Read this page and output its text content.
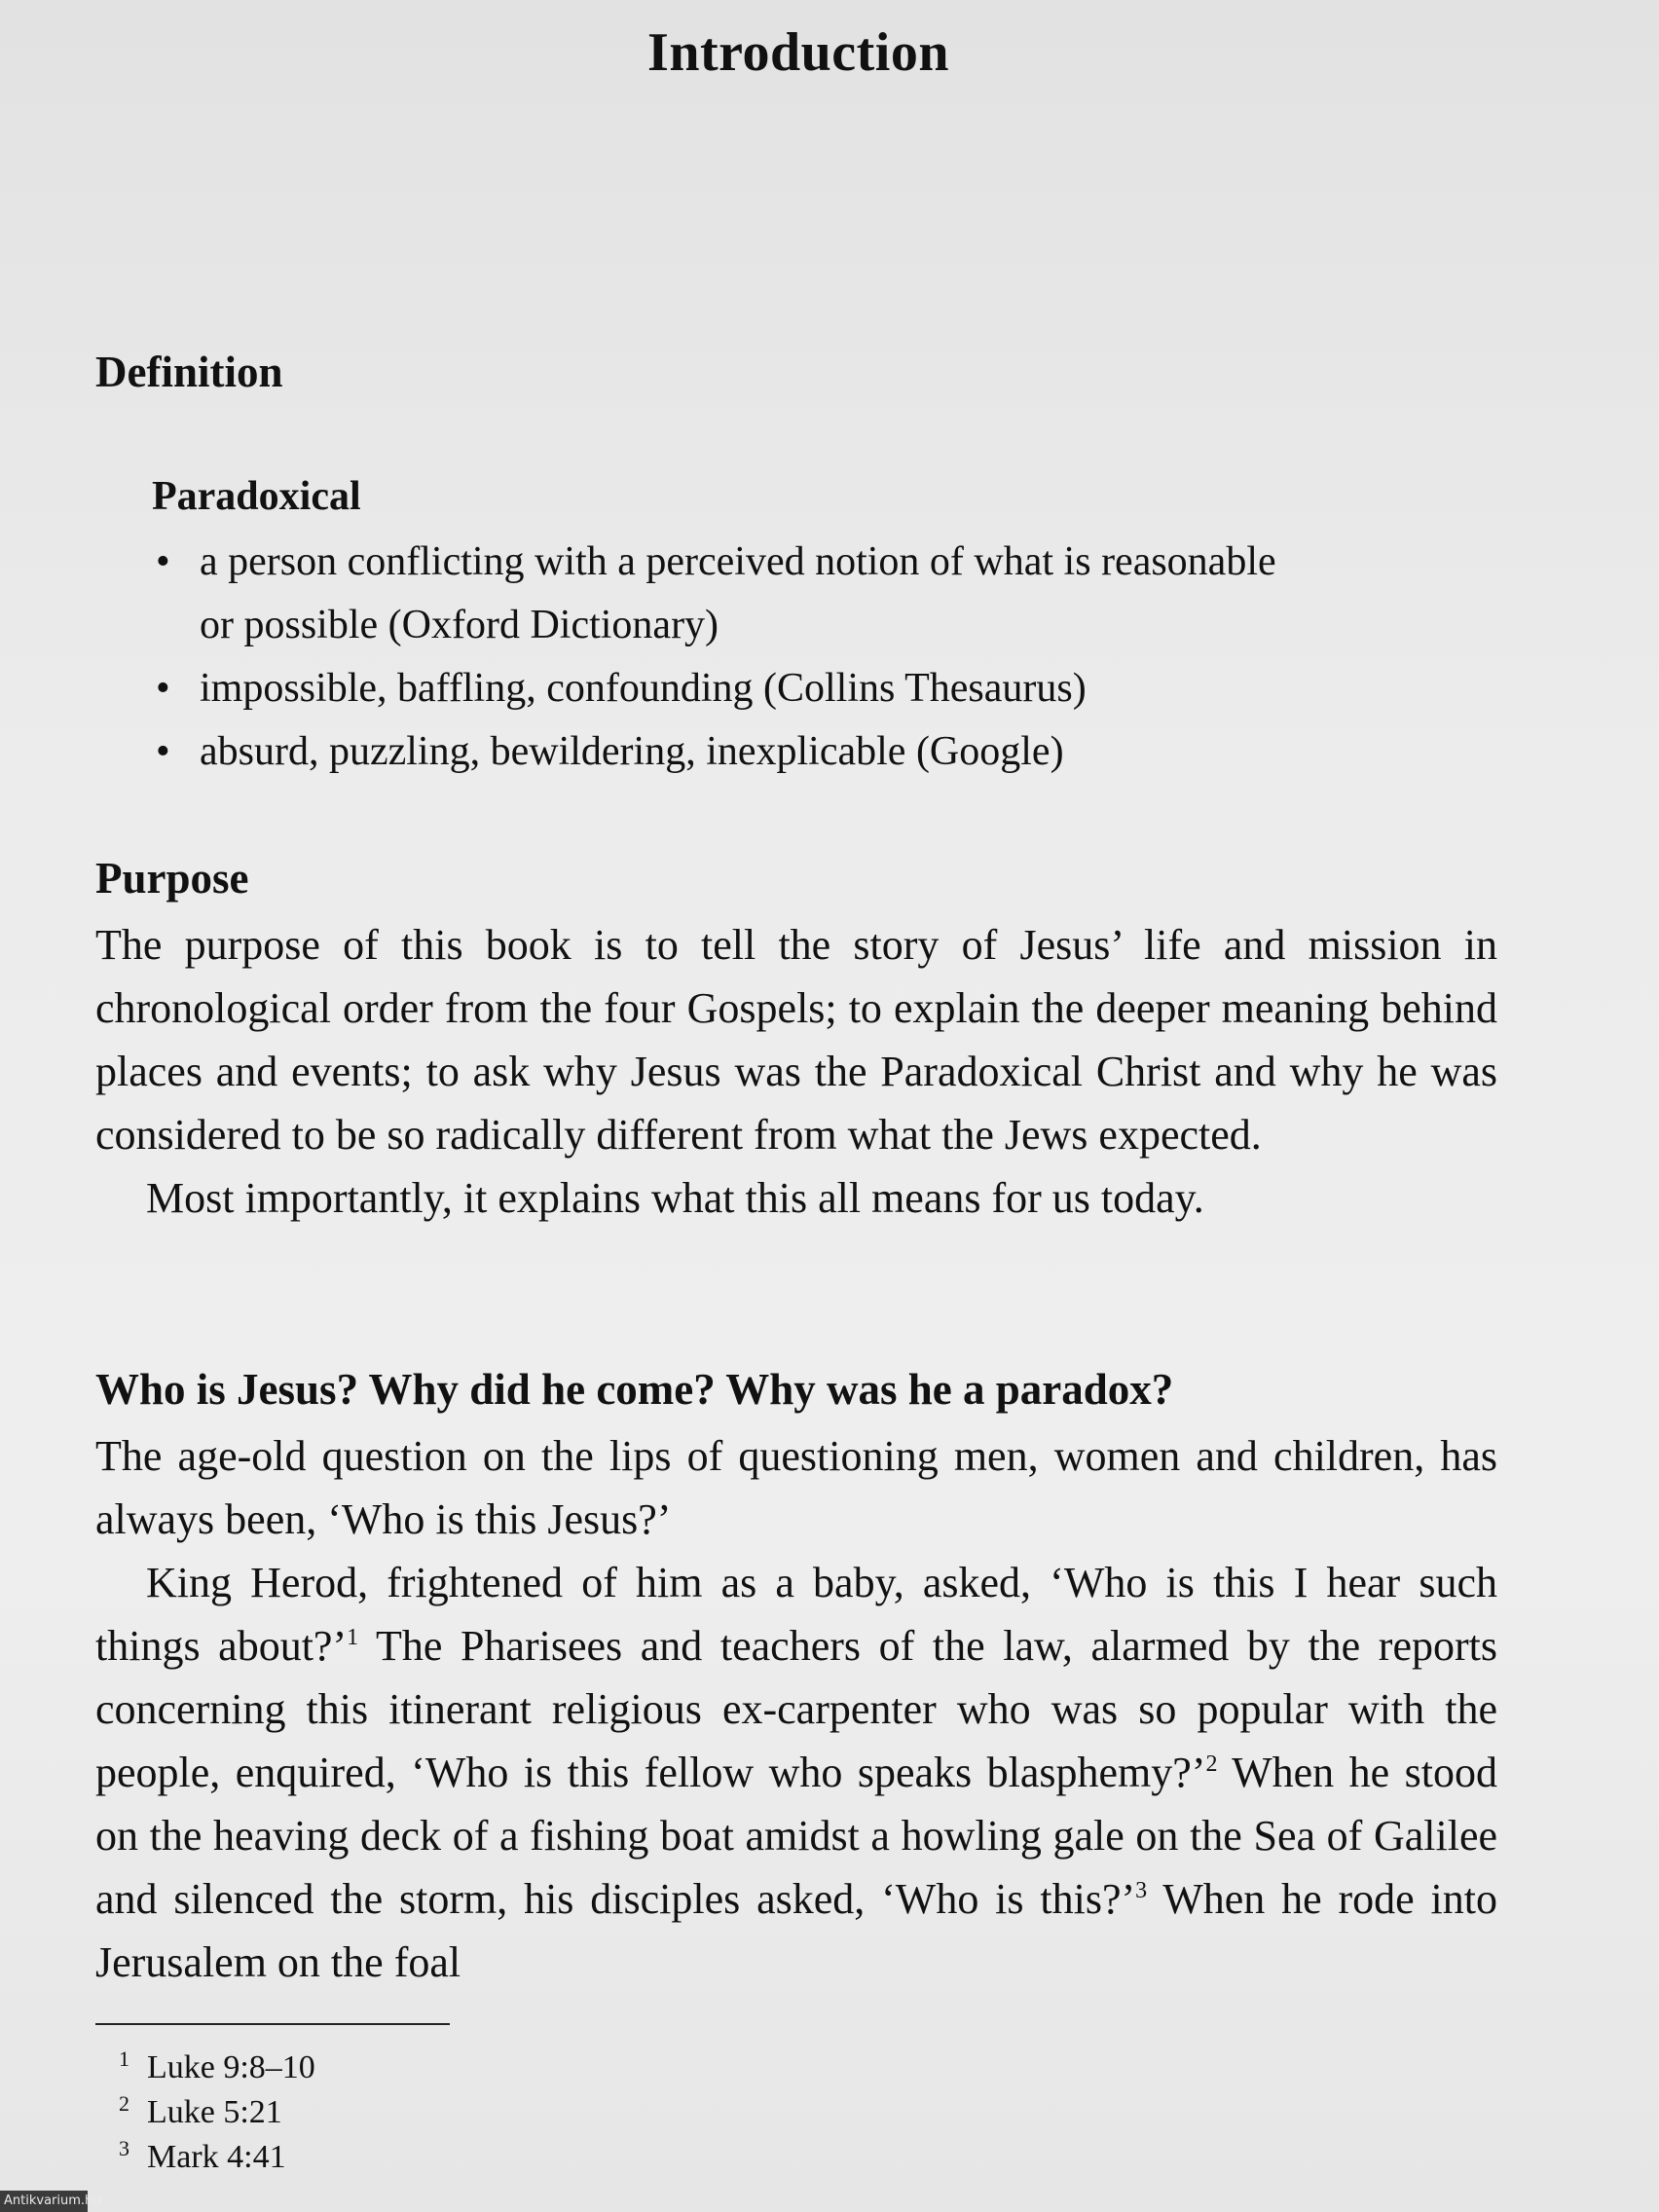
Introduction
Definition
Paradoxical
• a person conflicting with a perceived notion of what is reasonable
or possible (Oxford Dictionary)
• impossible, baffling, confounding (Collins Thesaurus)
• absurd, puzzling, bewildering, inexplicable (Google)
Purpose

The purpose of this book is to tell the story of Jesus’ life and mission in chronological order from the four Gospels; to explain the deeper meaning behind places and events; to ask why Jesus was the Paradoxical Christ and why he was considered to be so radically different from what the Jews expected.

Most importantly, it explains what this all means for us today.

Who is Jesus? Why did he come? Why was he a paradox?

The age-old question on the lips of questioning men, women and children, has always been, ‘Who is this Jesus?’

King Herod, frightened of him as a baby, asked, ‘Who is this I hear such things about?’$^1$ The Pharisees and teachers of the law, alarmed by the reports concerning this itinerant religious ex-carpenter who was so popular with the people, enquired, ‘Who is this fellow who speaks blasphemy?’$^2$ When he stood on the heaving deck of a fishing boat amidst a howling gale on the Sea of Galilee and silenced the storm, his disciples asked, ‘Who is this?’$^3$ When he rode into Jerusalem on the foal

$^1$ Luke 9:8–10
$^2$ Luke 5:21
$^3$ Mark 4:41
Antikvarium.hu
